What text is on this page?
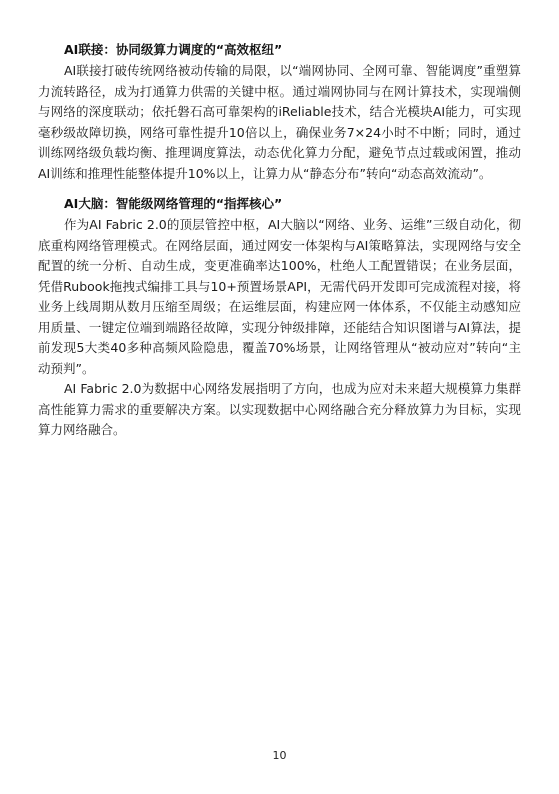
AI联接：协同级算力调度的“高效枢纽”

AI联接打破传统网络被动传输的局限，以“端网协同、全网可靠、智能调度”重塑算力流转路径，成为打通算力供需的关键中枢。通过端网协同与在网计算技术，实现端侧与网络的深度联动；依托磐石高可靠架构的iReliable技术，结合光模块AI能力，可实现毫秒级故障切换，网络可靠性提升10倍以上，确保业务7×24小时不中断；同时，通过训练网络级负载均衡、推理调度算法，动态优化算力分配，避免节点过载或闲置，推动AI训练和推理性能整体提升10%以上，让算力从“静态分布”转向“动态高效流动”。

AI大脑：智能级网络管理的“指挥核心”

作为AI Fabric 2.0的顶层管控中枢，AI大脑以“网络、业务、运维”三级自动化，彻底重构网络管理模式。在网络层面，通过网安一体架构与AI策略算法，实现网络与安全配置的统一分析、自动生成，变更准确率达100%，杜绝人工配置错误；在业务层面，凭借Rubook拖拽式编排工具与10+预置场景API，无需代码开发即可完成流程对接，将业务上线周期从数月压缩至周级；在运维层面，构建应网一体体系，不仅能主动感知应用质量、一键定位端到端路径故障，实现分钟级排障，还能结合知识图谱与AI算法，提前发现5大类40多种高频风险隐患，覆盖70%场景，让网络管理从“被动应对”转向“主动预判”。

AI Fabric 2.0为数据中心网络发展指明了方向，也成为应对未来超大规模算力集群高性能算力需求的重要解决方案。以实现数据中心网络融合充分释放算力为目标，实现算力网络融合。

10
